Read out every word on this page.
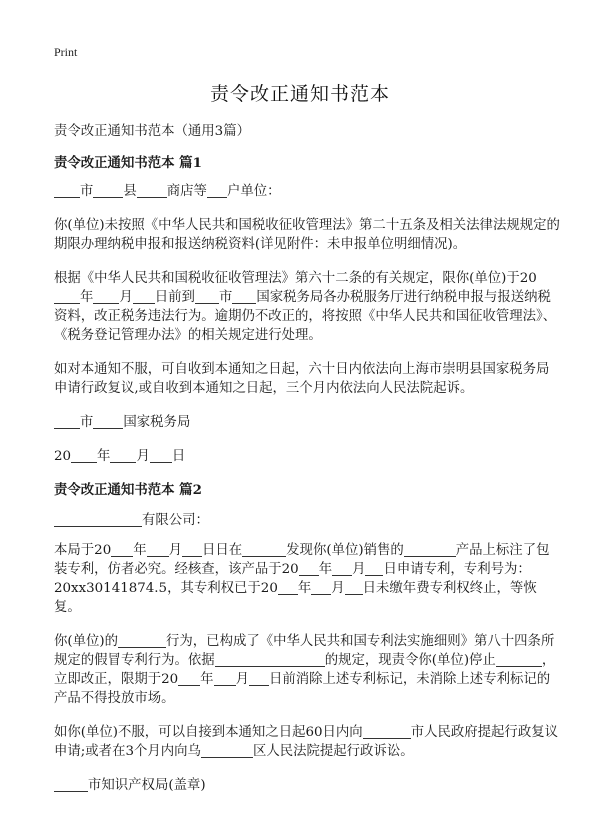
Print
责令改正通知书范本

责令改正通知书范本（通用3篇）

责令改正通知书范本 篇1

市 县 商店等 户单位：

你(单位)未按照《中华人民共和国税收征收管理法》第二十五条及相关法律法规规定的期限办理纳税申报和报送纳税资料(详见附件：未申报单位明细情况)。

根据《中华人民共和国税收征收管理法》第六十二条的有关规定，限你(单位)于20年 月 日前到 市 国家税务局各办税服务厅进行纳税申报与报送纳税资料，改正税务违法行为。逾期仍不改正的，将按照《中华人民共和国征收管理法》、《税务登记管理办法》的相关规定进行处理。

如对本通知不服，可自收到本通知之日起，六十日内依法向上海市崇明县国家税务局申请行政复议,或自收到本通知之日起，三个月内依法向人民法院起诉。

市 国家税务局

20 年 月 日

责令改正通知书范本 篇2

有限公司：

本局于20 年 月 日日在	发现你(单位)销售的	产品上标注了包装专利，仿者必究。经核查，该产品于20 年 月 日申请专利，专利号为：20xx30141874.5，其专利权已于20 年 月 日未缴年费专利权终止，等恢复。

你(单位)的	行为，已构成了《中华人民共和国专利法实施细则》第八十四条所规定的假冒专利行为。依据	的规定，现责令你(单位)停止	，立即改正，限期于20 年 月 日前消除上述专利标记，未消除上述专利标记的产品不得投放市场。

如你(单位)不服，可以自接到本通知之日起60日内向	市人民政府提起行政复议申请;或者在3个月内向乌	区人民法院提起行政诉讼。

市知识产权局(盖章)
